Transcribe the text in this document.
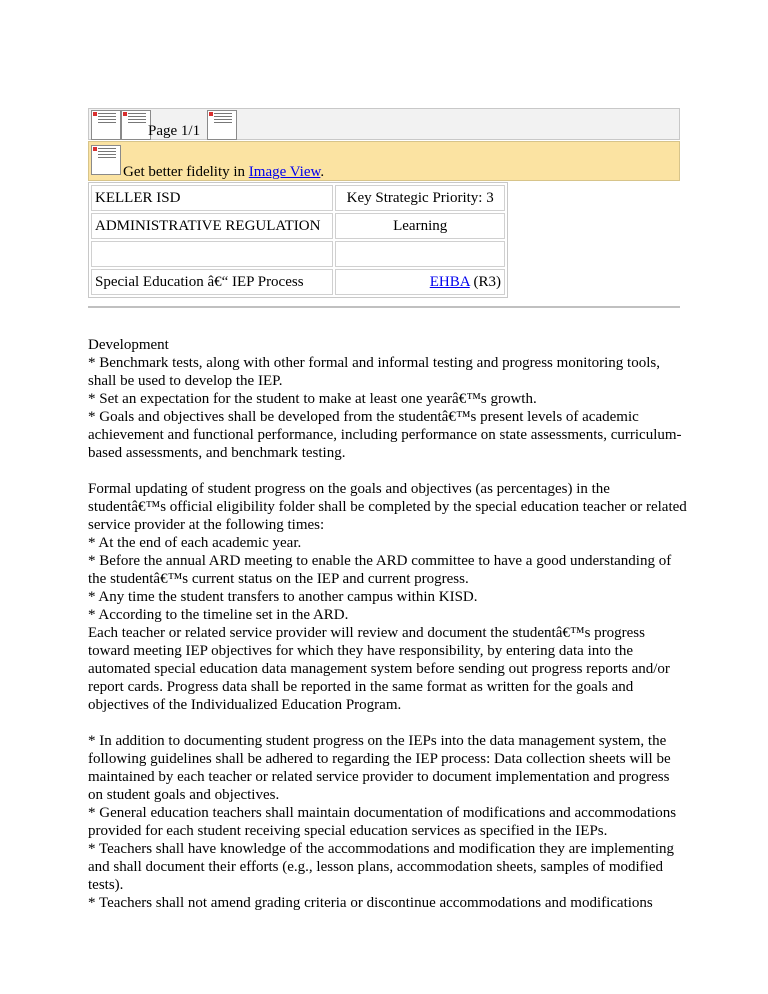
Page 1/1
Get better fidelity in Image View.
KELLER ISD	Key Strategic Priority: 3
ADMINISTRATIVE REGULATION	Learning

Special Education â€“ IEP Process	EHBA (R3)

Development
* Benchmark tests, along with other formal and informal testing and progress monitoring tools, shall be used to develop the IEP.
* Set an expectation for the student to make at least one yearâ€™s growth.
* Goals and objectives shall be developed from the studentâ€™s present levels of academic achievement and functional performance, including performance on state assessments, curriculum-based assessments, and benchmark testing.

Formal updating of student progress on the goals and objectives (as percentages) in the studentâ€™s official eligibility folder shall be completed by the special education teacher or related service provider at the following times:
* At the end of each academic year.
* Before the annual ARD meeting to enable the ARD committee to have a good understanding of the studentâ€™s current status on the IEP and current progress.
* Any time the student transfers to another campus within KISD.
* According to the timeline set in the ARD.
Each teacher or related service provider will review and document the studentâ€™s progress toward meeting IEP objectives for which they have responsibility, by entering data into the automated special education data management system before sending out progress reports and/or report cards. Progress data shall be reported in the same format as written for the goals and objectives of the Individualized Education Program.

* In addition to documenting student progress on the IEPs into the data management system, the following guidelines shall be adhered to regarding the IEP process: Data collection sheets will be maintained by each teacher or related service provider to document implementation and progress on student goals and objectives.
* General education teachers shall maintain documentation of modifications and accommodations provided for each student receiving special education services as specified in the IEPs.
* Teachers shall have knowledge of the accommodations and modification they are implementing and shall document their efforts (e.g., lesson plans, accommodation sheets, samples of modified tests).
* Teachers shall not amend grading criteria or discontinue accommodations and modifications
